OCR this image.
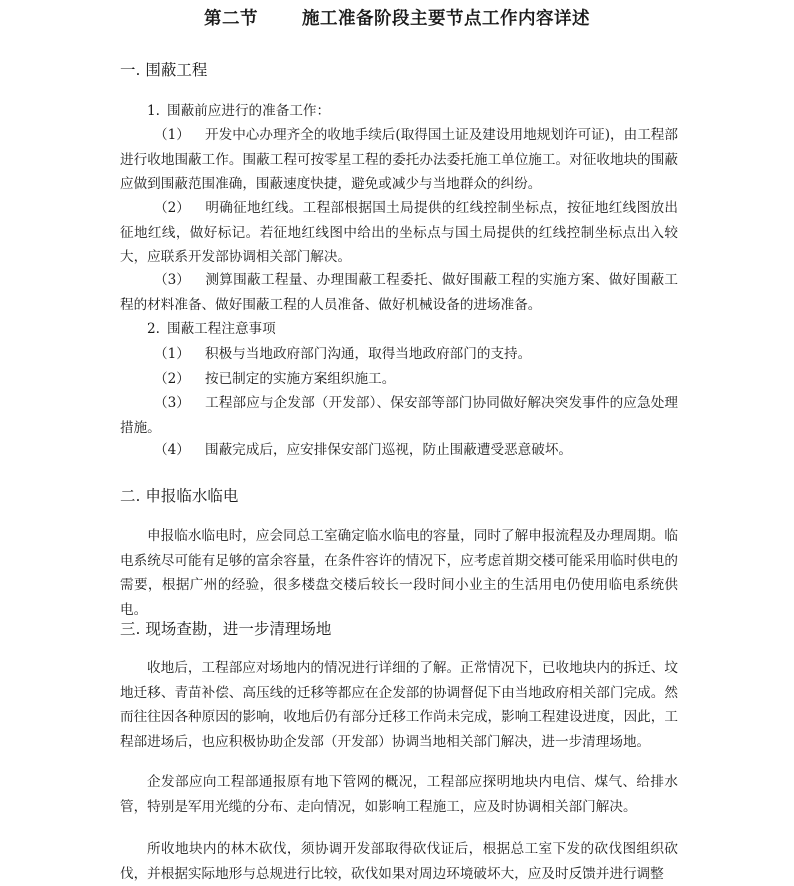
第二节	施工准备阶段主要节点工作内容详述
一. 围蔽工程
1. 围蔽前应进行的准备工作：
（1） 开发中心办理齐全的收地手续后(取得国土证及建设用地规划许可证)，由工程部进行收地围蔽工作。围蔽工程可按零星工程的委托办法委托施工单位施工。对征收地块的围蔽应做到围蔽范围准确，围蔽速度快捷，避免或减少与当地群众的纠纷。
（2） 明确征地红线。工程部根据国土局提供的红线控制坐标点，按征地红线图放出征地红线，做好标记。若征地红线图中给出的坐标点与国土局提供的红线控制坐标点出入较大，应联系开发部协调相关部门解决。
（3） 测算围蔽工程量、办理围蔽工程委托、做好围蔽工程的实施方案、做好围蔽工程的材料准备、做好围蔽工程的人员准备、做好机械设备的进场准备。
2. 围蔽工程注意事项
（1） 积极与当地政府部门沟通，取得当地政府部门的支持。
（2） 按已制定的实施方案组织施工。
（3） 工程部应与企发部（开发部）、保安部等部门协同做好解决突发事件的应急处理措施。
（4） 围蔽完成后，应安排保安部门巡视，防止围蔽遭受恶意破坏。
二. 申报临水临电
申报临水临电时，应会同总工室确定临水临电的容量，同时了解申报流程及办理周期。临电系统尽可能有足够的富余容量，在条件容许的情况下，应考虑首期交楼可能采用临时供电的需要，根据广州的经验，很多楼盘交楼后较长一段时间小业主的生活用电仍使用临电系统供电。
三. 现场查勘，进一步清理场地
收地后，工程部应对场地内的情况进行详细的了解。正常情况下，已收地块内的拆迁、坟地迁移、青苗补偿、高压线的迁移等都应在企发部的协调督促下由当地政府相关部门完成。然而往往因各种原因的影响，收地后仍有部分迁移工作尚未完成，影响工程建设进度，因此，工程部进场后，也应积极协助企发部（开发部）协调当地相关部门解决，进一步清理场地。
企发部应向工程部通报原有地下管网的概况，工程部应探明地块内电信、煤气、给排水管，特别是军用光缆的分布、走向情况，如影响工程施工，应及时协调相关部门解决。
所收地块内的林木砍伐，须协调开发部取得砍伐证后，根据总工室下发的砍伐图组织砍伐，并根据实际地形与总规进行比较，砍伐如果对周边环境破坏大，应及时反馈并进行调整
